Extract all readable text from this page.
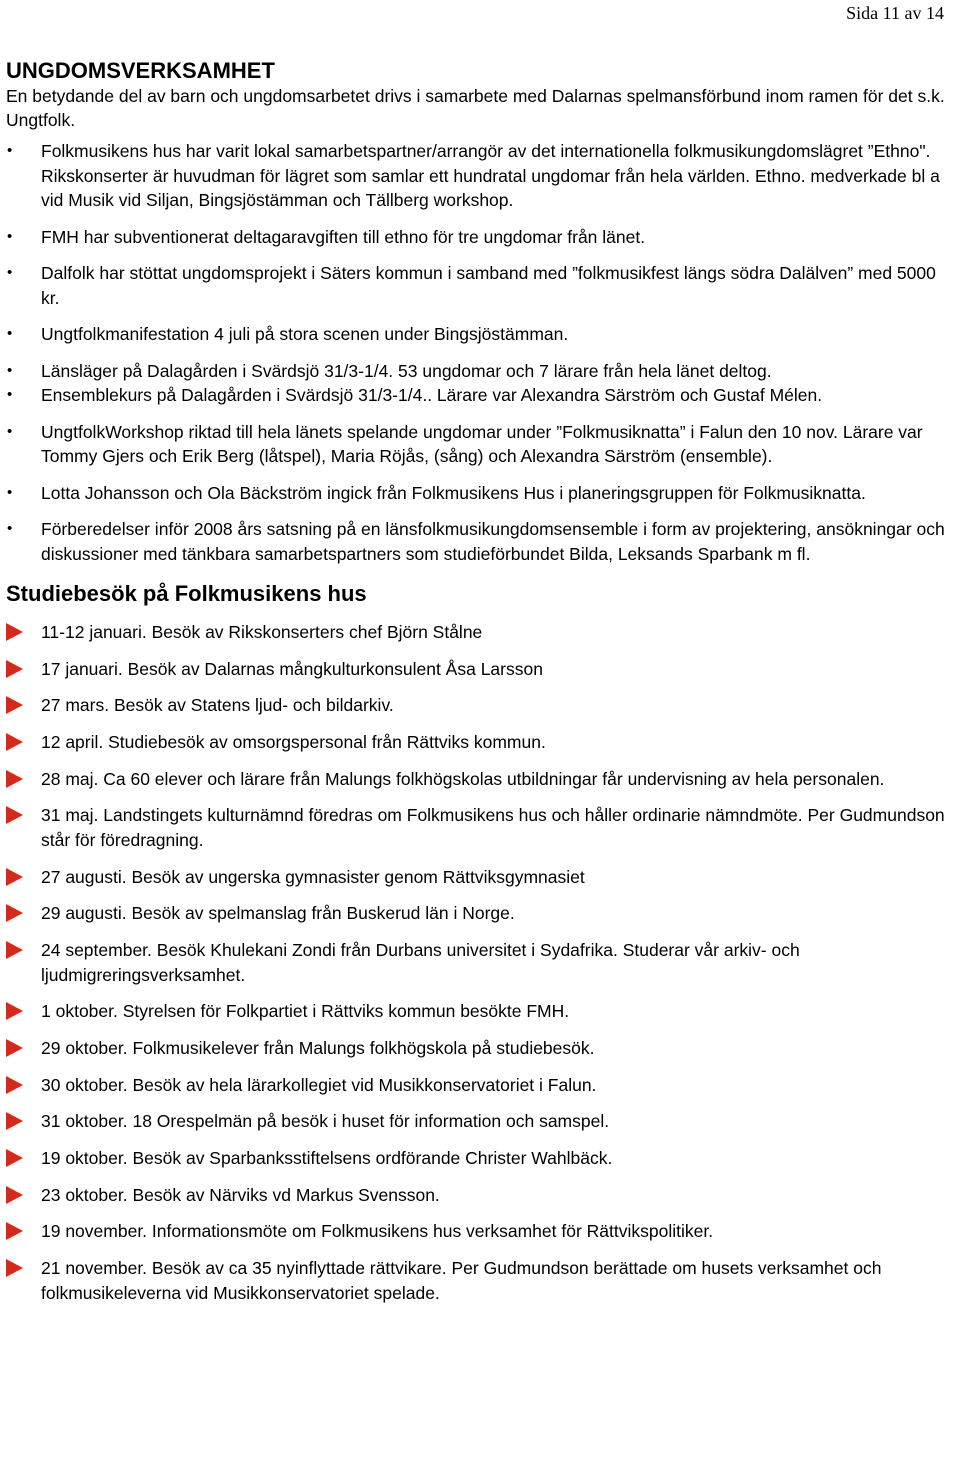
Sida 11 av 14
UNGDOMSVERKSAMHET

En betydande del av barn och ungdomsarbetet drivs i samarbete med Dalarnas spelmansförbund inom ramen för det s.k. Ungtfolk.

• Folkmusikens hus har varit lokal samarbetspartner/arrangör av det internationella folkmusikungdomslägret ”Ethno". Rikskonserter är huvudman för lägret som samlar ett hundratal ungdomar från hela världen. Ethno. medverkade bl a vid Musik vid Siljan, Bingsjöstämman och Tällberg workshop.
• FMH har subventionerat deltagaravgiften till ethno för tre ungdomar från länet.
• Dalfolk har stöttat ungdomsprojekt i Säters kommun i samband med ”folkmusikfest längs södra Dalälven” med 5000 kr.
• Ungtfolkmanifestation 4 juli på stora scenen under Bingsjöstämman.
• Länsläger på Dalagården i Svärdsjö 31/3-1/4. 53 ungdomar och 7 lärare från hela länet deltog.
• Ensemblekurs på Dalagården i Svärdsjö 31/3-1/4.. Lärare var Alexandra Särström och Gustaf Mélen.
• UngtfolkWorkshop riktad till hela länets spelande ungdomar under ”Folkmusiknatta” i Falun den 10 nov. Lärare var Tommy Gjers och Erik Berg (låtspel), Maria Röjås, (sång) och Alexandra Särström (ensemble).
• Lotta Johansson och Ola Bäckström ingick från Folkmusikens Hus i planeringsgruppen för Folkmusiknatta.
• Förberedelser inför 2008 års satsning på en länsfolkmusikungdomsensemble i form av projektering, ansökningar och diskussioner med tänkbara samarbetspartners som studieförbundet Bilda, Leksands Sparbank m fl.
Studiebesök på Folkmusikens hus
11-12 januari. Besök av Rikskonserters chef Björn Stålne
17 januari. Besök av Dalarnas mångkulturkonsulent Åsa Larsson
27 mars. Besök av Statens ljud- och bildarkiv.
12 april. Studiebesök av omsorgspersonal från Rättviks kommun.
28 maj. Ca 60 elever och lärare från Malungs folkhögskolas utbildningar får undervisning av hela personalen.
31 maj. Landstingets kulturnämnd föredras om Folkmusikens hus och håller ordinarie nämndmöte. Per Gudmundson står för föredragning.
27 augusti. Besök av ungerska gymnasister genom Rättviksgymnasiet
29 augusti. Besök av spelmanslag från Buskerud län i Norge.
24 september. Besök Khulekani Zondi från Durbans universitet i Sydafrika. Studerar vår arkiv- och ljudmigreringsverksamhet.
1 oktober. Styrelsen för Folkpartiet i Rättviks kommun besökte FMH.
29 oktober. Folkmusikelever från Malungs folkhögskola på studiebesök.
30 oktober. Besök av hela lärarkollegiet vid Musikkonservatoriet i Falun.
31 oktober. 18 Orespelmän på besök i huset för information och samspel.
19 oktober. Besök av Sparbanksstiftelsens ordförande Christer Wahlbäck.
23 oktober. Besök av Närviks vd Markus Svensson.
19 november. Informationsmöte om Folkmusikens hus verksamhet för Rättvikspolitiker.
21 november. Besök av ca 35 nyinflyttade rättvikare. Per Gudmundson berättade om husets verksamhet och folkmusikeleverna vid Musikkonservatoriet spelade.
